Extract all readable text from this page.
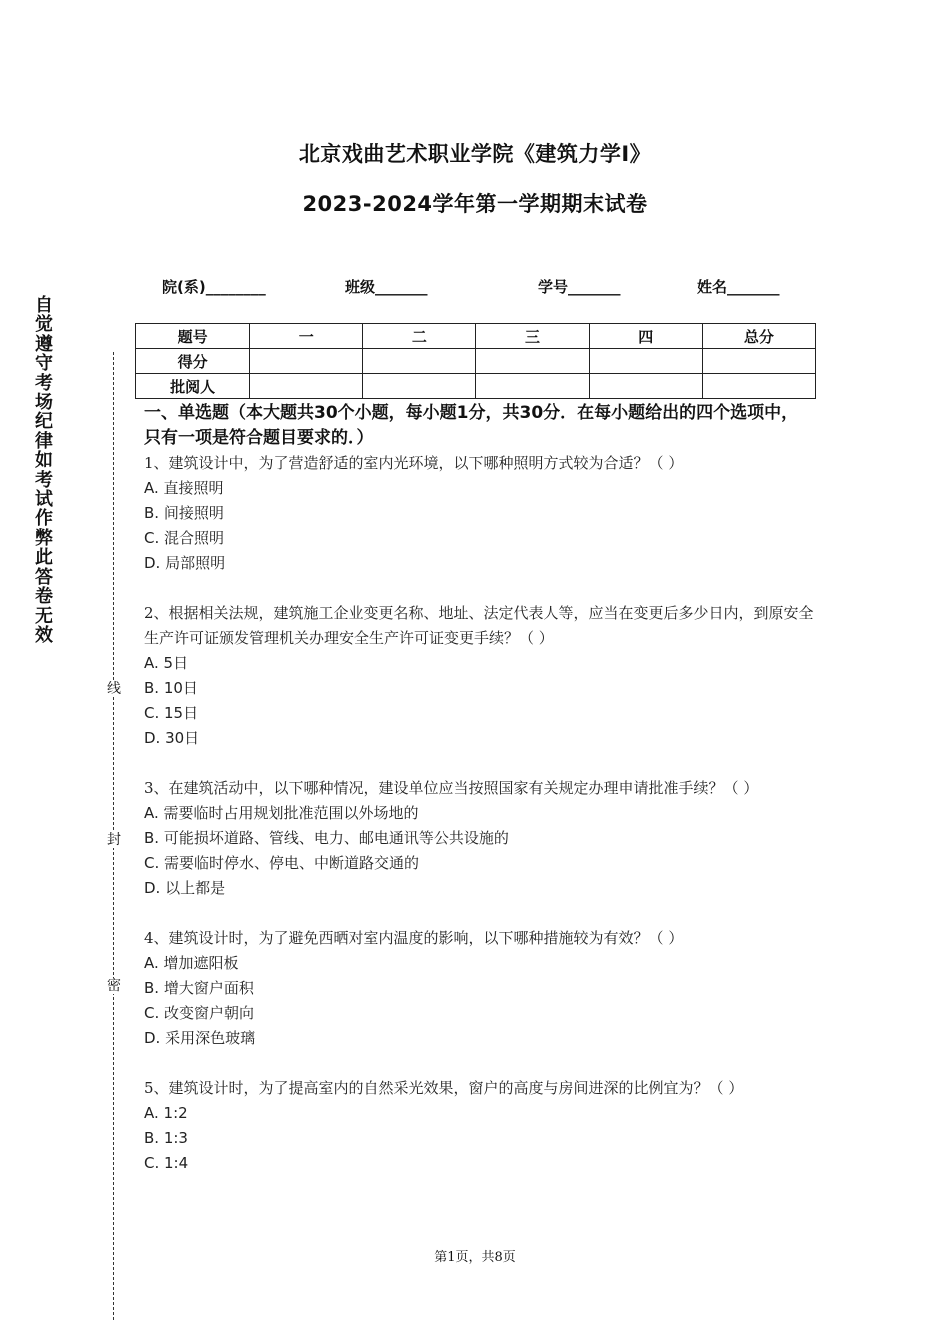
北京戏曲艺术职业学院《建筑力学Ⅰ》
2023-2024学年第一学期期末试卷
院(系)________	班级_______	学号_______	姓名_______
题号	一	二	三	四	总分
得分					
批阅人					
自觉遵守考场纪律如考试作弊此答卷无效
线
封
密
一、单选题（本大题共30个小题，每小题1分，共30分．在每小题给出的四个选项中，只有一项是符合题目要求的．）
1、建筑设计中，为了营造舒适的室内光环境，以下哪种照明方式较为合适？（ ）
A. 直接照明
B. 间接照明
C. 混合照明
D. 局部照明
2、根据相关法规，建筑施工企业变更名称、地址、法定代表人等，应当在变更后多少日内，到原安全生产许可证颁发管理机关办理安全生产许可证变更手续？（ ）
A. 5日
B. 10日
C. 15日
D. 30日
3、在建筑活动中，以下哪种情况，建设单位应当按照国家有关规定办理申请批准手续？（ ）
A. 需要临时占用规划批准范围以外场地的
B. 可能损坏道路、管线、电力、邮电通讯等公共设施的
C. 需要临时停水、停电、中断道路交通的
D. 以上都是
4、建筑设计时，为了避免西晒对室内温度的影响，以下哪种措施较为有效？（ ）
A. 增加遮阳板
B. 增大窗户面积
C. 改变窗户朝向
D. 采用深色玻璃
5、建筑设计时，为了提高室内的自然采光效果，窗户的高度与房间进深的比例宜为？（ ）
A. 1:2
B. 1:3
C. 1:4
第1页，共8页
